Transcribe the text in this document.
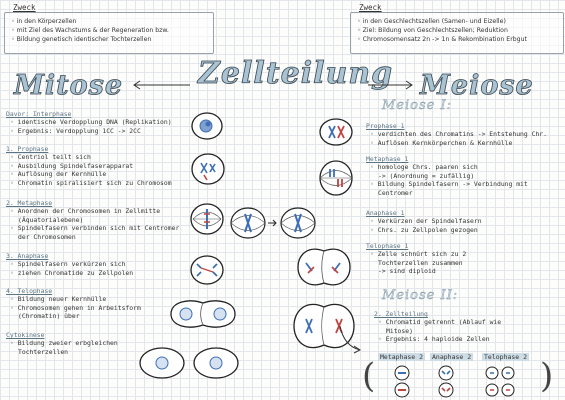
Zweck
◦ in den Körperzellen
◦ mit Ziel des Wachstums & der Regeneration bzw.
◦ Bildung genetisch identischer Tochterzellen
Zweck
◦ in den Geschlechtszellen (Samen- und Eizelle)
◦ Ziel: Bildung von Geschlechtszellen; Reduktion
◦ Chromosomensatz 2n -> 1n & Rekombination Erbgut
Zellteilung
Mitose	Meiose
Davor: Interphase
◦ identische Verdopplung DNA (Replikation)
◦ Ergebnis: Verdopplung 1CC -> 2CC
1. Prophase
◦ Centriol teilt sich
◦ Ausbildung Spindelfaserapparat
◦ Auflösung der Kernhülle
◦ Chromatin spiralisiert sich zu Chromosom
2. Metaphase
◦ Anordnen der Chromosomen in Zellmitte
(Äquatorialebene)
◦ Spindelfasern verbinden sich mit Centromer
der Chromosomen
3. Anaphase
◦ Spindelfasern verkürzen sich
◦ ziehen Chromatide zu Zellpolen
4. Telophase
◦ Bildung neuer Kernhülle
◦ Chromosomen gehen in Arbeitsform
(Chromatin) über
Cytokinese
◦ Bildung zweier erbgleichen
Tochterzellen
Meiose I:
Prophase 1
◦ verdichten des Chromatins -> Entstehung Chr.
◦ Auflösen Kernkörperchen & Kernhülle
Metaphase 1
◦ homologe Chrs. paaren sich
-> (Anordnung = zufällig)
◦ Bildung Spindelfasern -> Verbindung mit
Centromer
Anaphase 1
◦ Verkürzen der Spindelfasern
◦ Chrs. zu Zellpolen gezogen
Telophase 1
◦ Zelle schnürt sich zu 2
Tochterzellen zusammen
-> sind diploid
Meiose II:
2. Zellteilung
◦ Chromatid getrennt (Ablauf wie
Mitose)
◦ Ergebnis: 4 haploide Zellen
Metaphase 2	Anaphase 2	Telophase 2
(	)
